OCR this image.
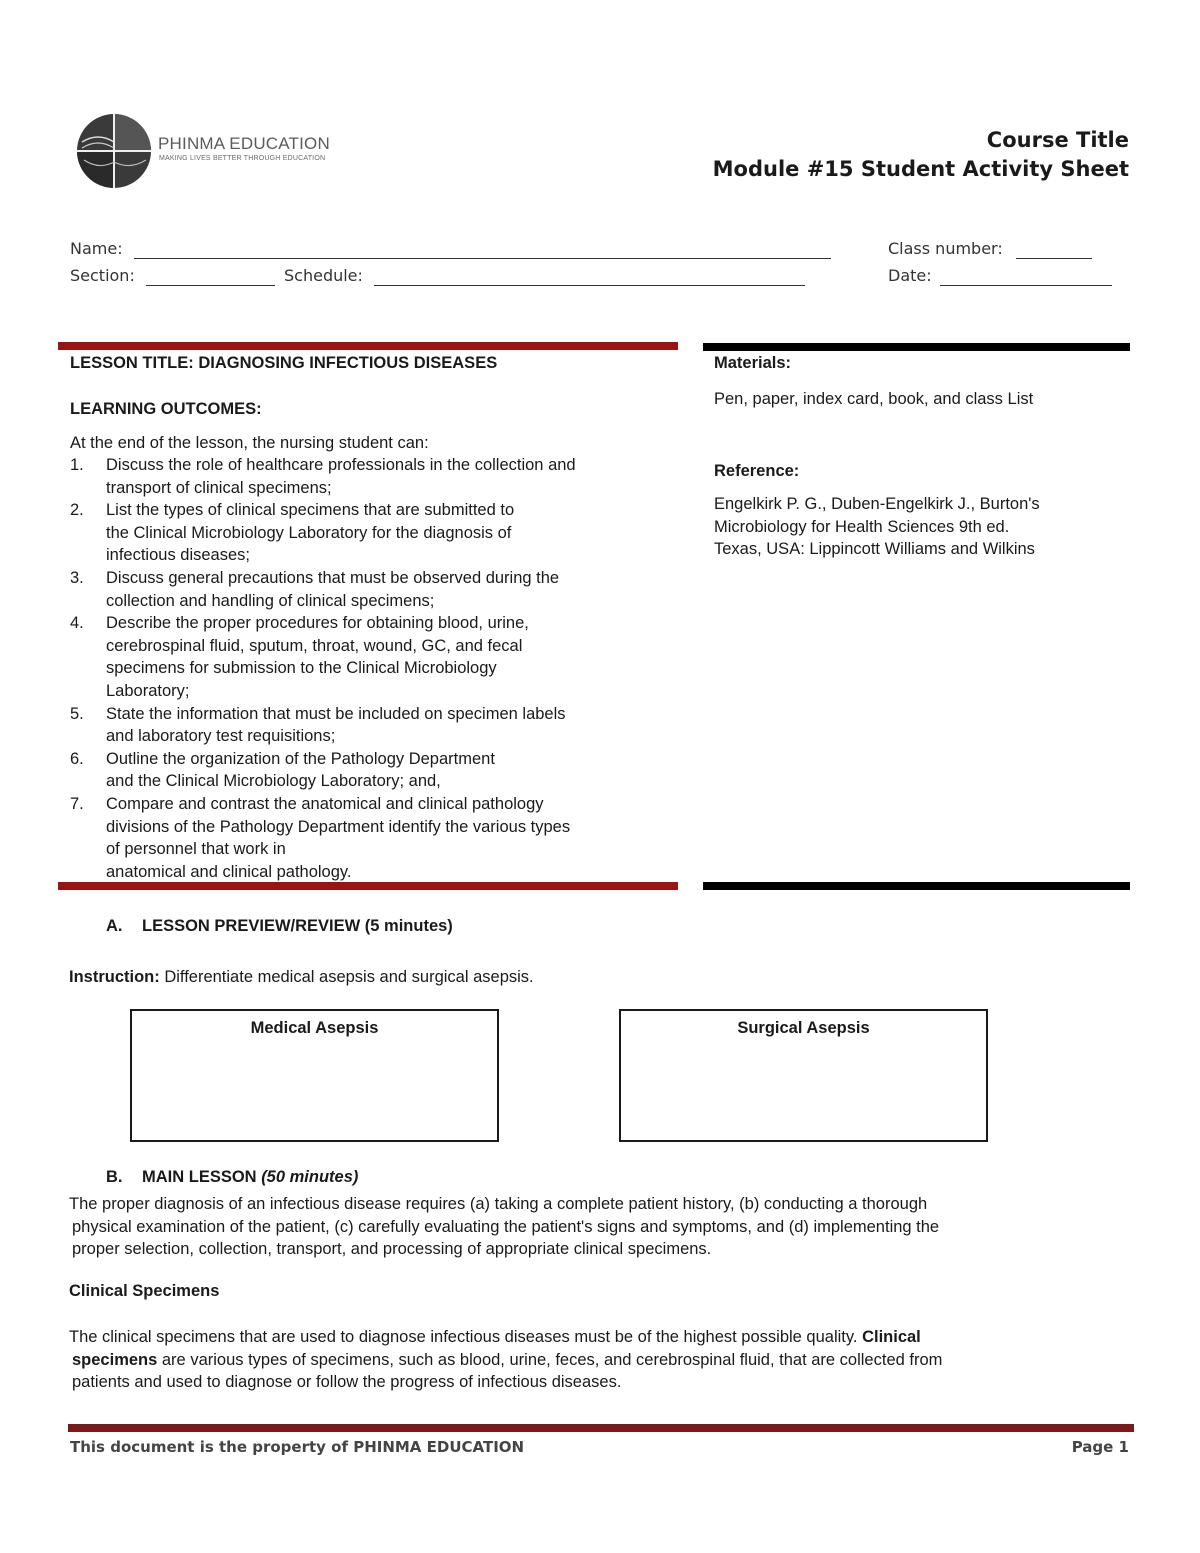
PHINMA EDUCATION
MAKING LIVES BETTER THROUGH EDUCATION
Course Title
Module #15 Student Activity Sheet
Name:	Class number:
Section:	Schedule:	Date:
LESSON TITLE: DIAGNOSING INFECTIOUS DISEASES
LEARNING OUTCOMES:
At the end of the lesson, the nursing student can:
1. Discuss the role of healthcare professionals in the collection and
transport of clinical specimens;
2. List the types of clinical specimens that are submitted to
the Clinical Microbiology Laboratory for the diagnosis of
infectious diseases;
3. Discuss general precautions that must be observed during the
collection and handling of clinical specimens;
4. Describe the proper procedures for obtaining blood, urine,
cerebrospinal fluid, sputum, throat, wound, GC, and fecal
specimens for submission to the Clinical Microbiology
Laboratory;
5. State the information that must be included on specimen labels
and laboratory test requisitions;
6. Outline the organization of the Pathology Department
and the Clinical Microbiology Laboratory; and,
7. Compare and contrast the anatomical and clinical pathology
divisions of the Pathology Department identify the various types
of personnel that work in
anatomical and clinical pathology.
Materials:
Pen, paper, index card, book, and class List
Reference:
Engelkirk P. G., Duben-Engelkirk J., Burton's
Microbiology for Health Sciences 9th ed.
Texas, USA: Lippincott Williams and Wilkins
A. LESSON PREVIEW/REVIEW (5 minutes)
Instruction: Differentiate medical asepsis and surgical asepsis.
Medical Asepsis	Surgical Asepsis
B. MAIN LESSON (50 minutes)
The proper diagnosis of an infectious disease requires (a) taking a complete patient history, (b) conducting a thorough
physical examination of the patient, (c) carefully evaluating the patient's signs and symptoms, and (d) implementing the
proper selection, collection, transport, and processing of appropriate clinical specimens.
Clinical Specimens
The clinical specimens that are used to diagnose infectious diseases must be of the highest possible quality. Clinical
specimens are various types of specimens, such as blood, urine, feces, and cerebrospinal fluid, that are collected from
patients and used to diagnose or follow the progress of infectious diseases.
This document is the property of PHINMA EDUCATION	Page 1
